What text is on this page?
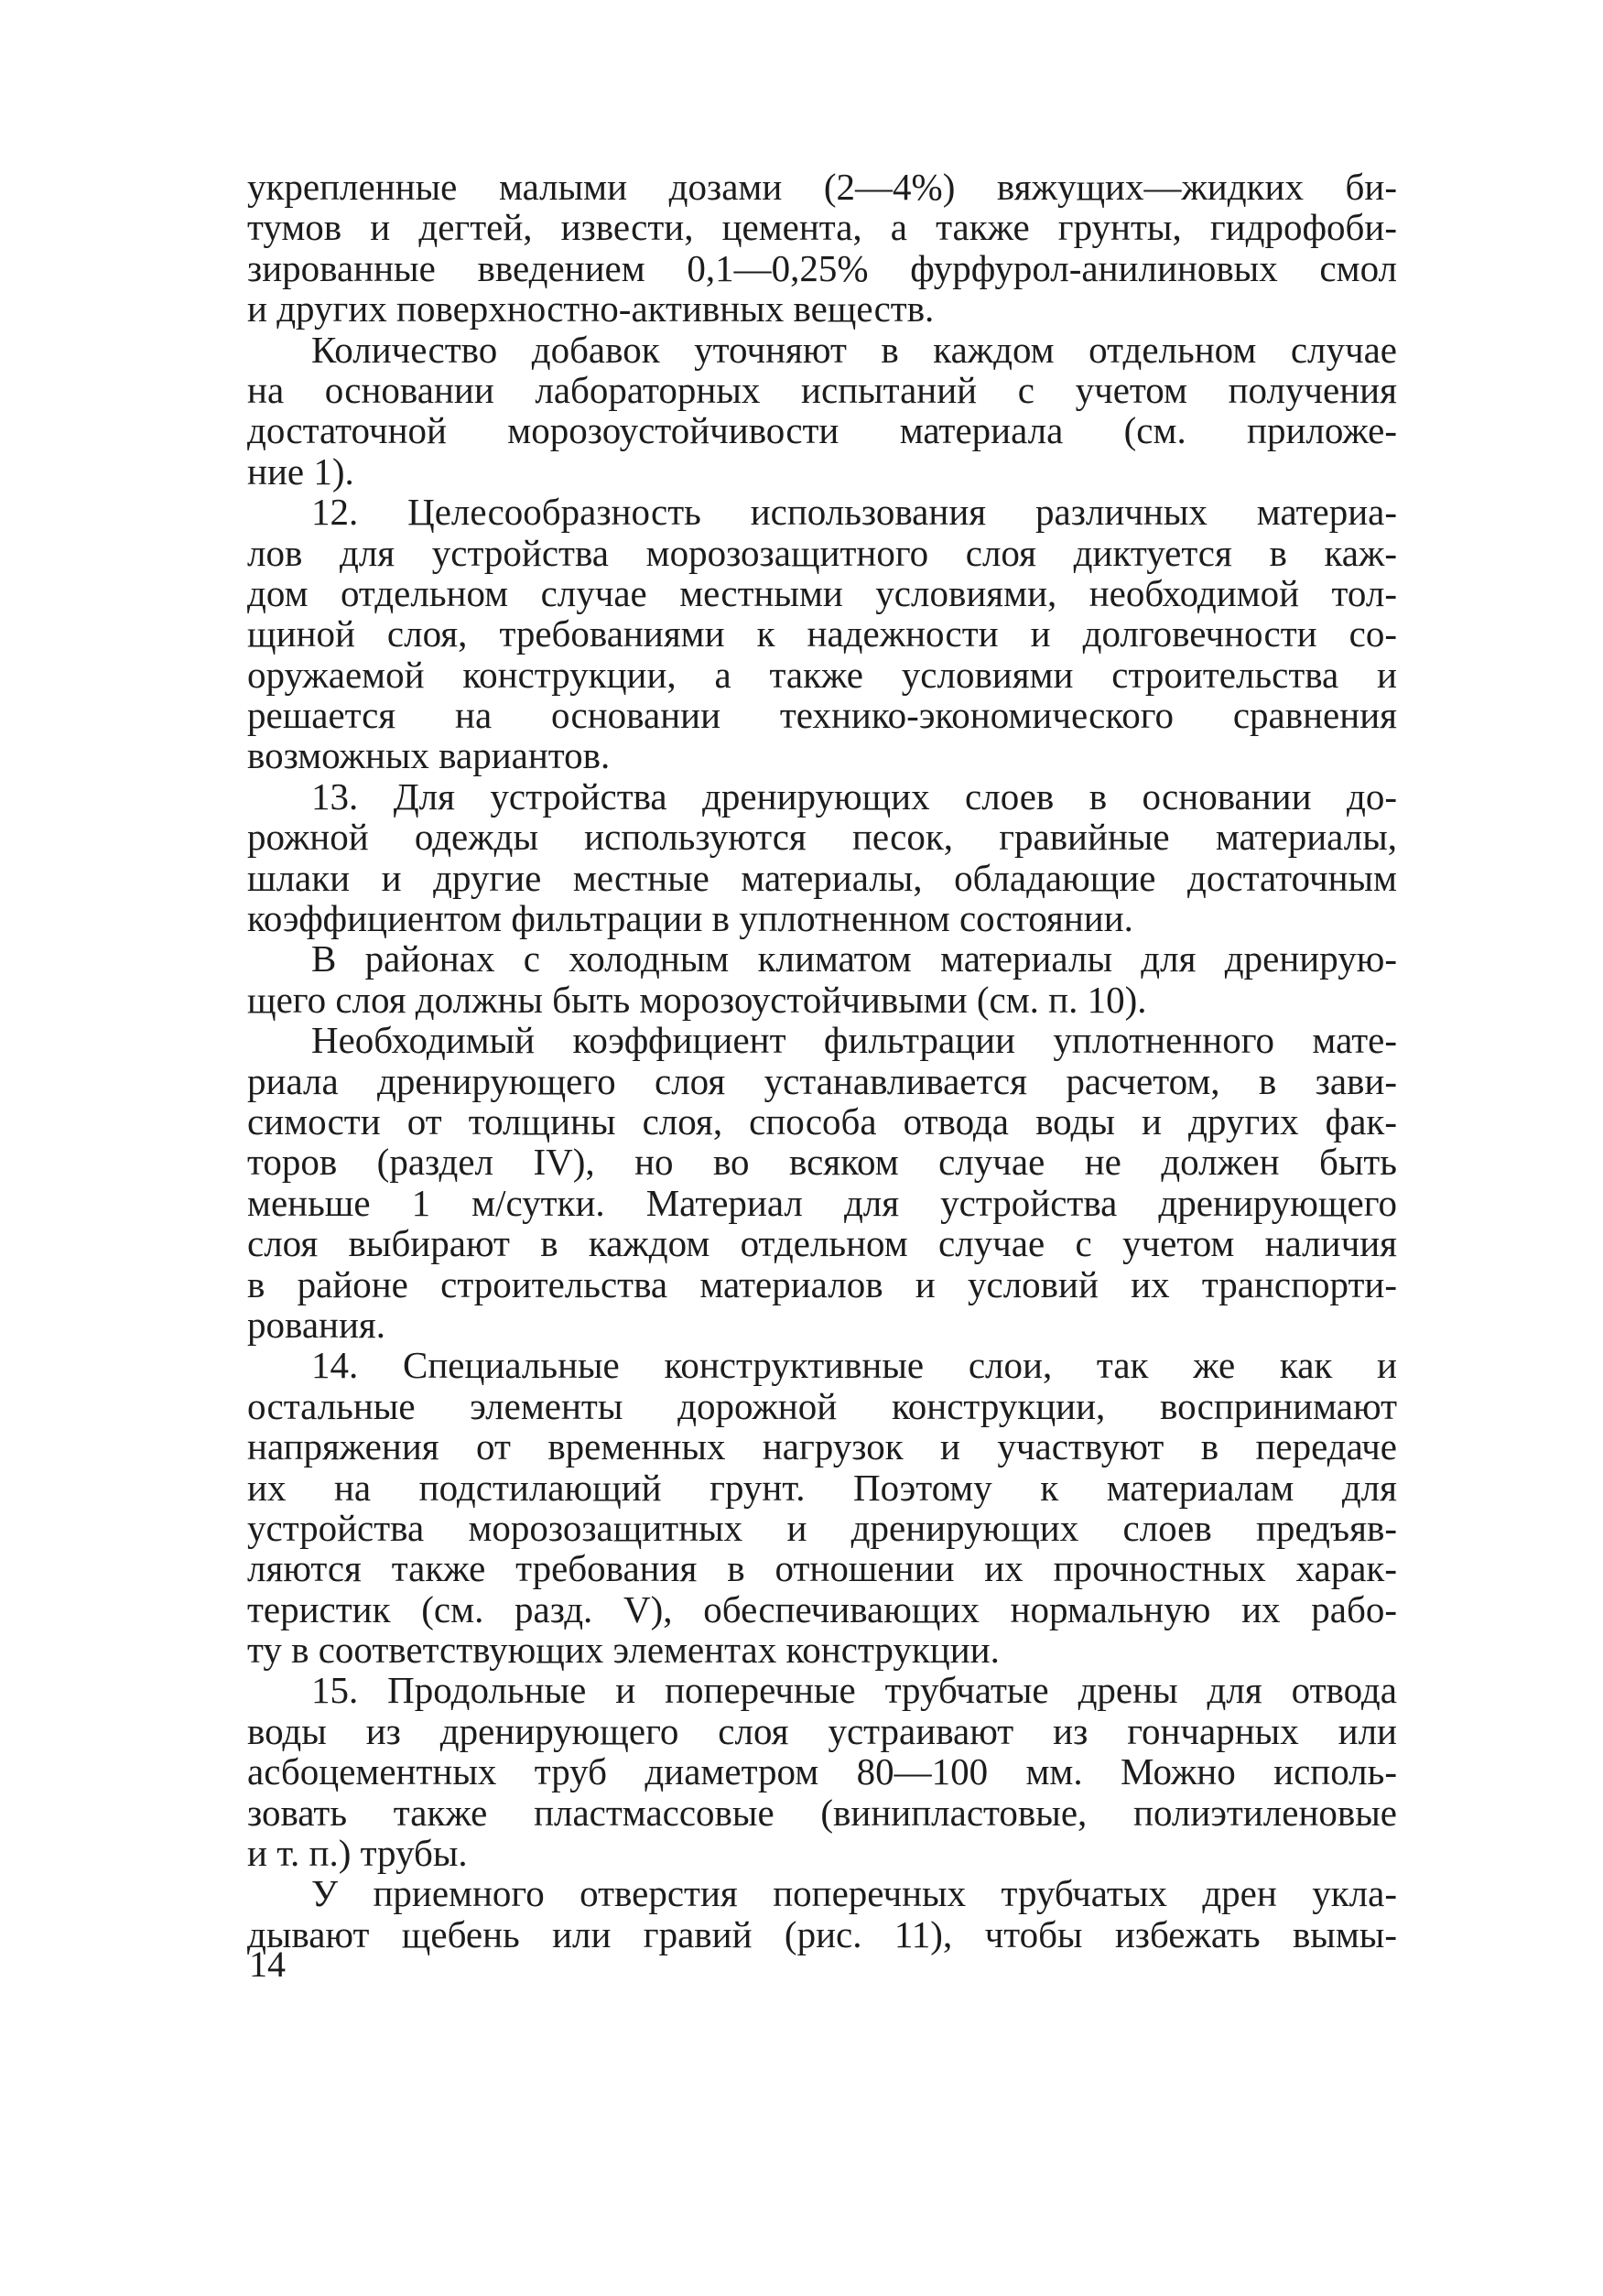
укрепленные малыми дозами (2—4%) вяжущих—жидких би-
тумов и дегтей, извести, цемента, а также грунты, гидрофоби-
зированные введением 0,1—0,25% фурфурол-анилиновых смол
и других поверхностно-активных веществ.
Количество добавок уточняют в каждом отдельном случае
на основании лабораторных испытаний с учетом получения
достаточной морозоустойчивости материала (см. приложе-
ние 1).
12. Целесообразность использования различных материа-
лов для устройства морозозащитного слоя диктуется в каж-
дом отдельном случае местными условиями, необходимой тол-
щиной слоя, требованиями к надежности и долговечности со-
оружаемой конструкции, а также условиями строительства и
решается на основании технико-экономического сравнения
возможных вариантов.
13. Для устройства дренирующих слоев в основании до-
рожной одежды используются песок, гравийные материалы,
шлаки и другие местные материалы, обладающие достаточным
коэффициентом фильтрации в уплотненном состоянии.
В районах с холодным климатом материалы для дренирую-
щего слоя должны быть морозоустойчивыми (см. п. 10).
Необходимый коэффициент фильтрации уплотненного мате-
риала дренирующего слоя устанавливается расчетом, в зави-
симости от толщины слоя, способа отвода воды и других фак-
торов (раздел IV), но во всяком случае не должен быть
меньше 1 м/сутки. Материал для устройства дренирующего
слоя выбирают в каждом отдельном случае с учетом наличия
в районе строительства материалов и условий их транспорти-
рования.
14. Специальные конструктивные слои, так же как и
остальные элементы дорожной конструкции, воспринимают
напряжения от временных нагрузок и участвуют в передаче
их на подстилающий грунт. Поэтому к материалам для
устройства морозозащитных и дренирующих слоев предъяв-
ляются также требования в отношении их прочностных харак-
теристик (см. разд. V), обеспечивающих нормальную их рабо-
ту в соответствующих элементах конструкции.
15. Продольные и поперечные трубчатые дрены для отвода
воды из дренирующего слоя устраивают из гончарных или
асбоцементных труб диаметром 80—100 мм. Можно исполь-
зовать также пластмассовые (винипластовые, полиэтиленовые
и т. п.) трубы.
У приемного отверстия поперечных трубчатых дрен укла-
дывают щебень или гравий (рис. 11), чтобы избежать вымы-
14
